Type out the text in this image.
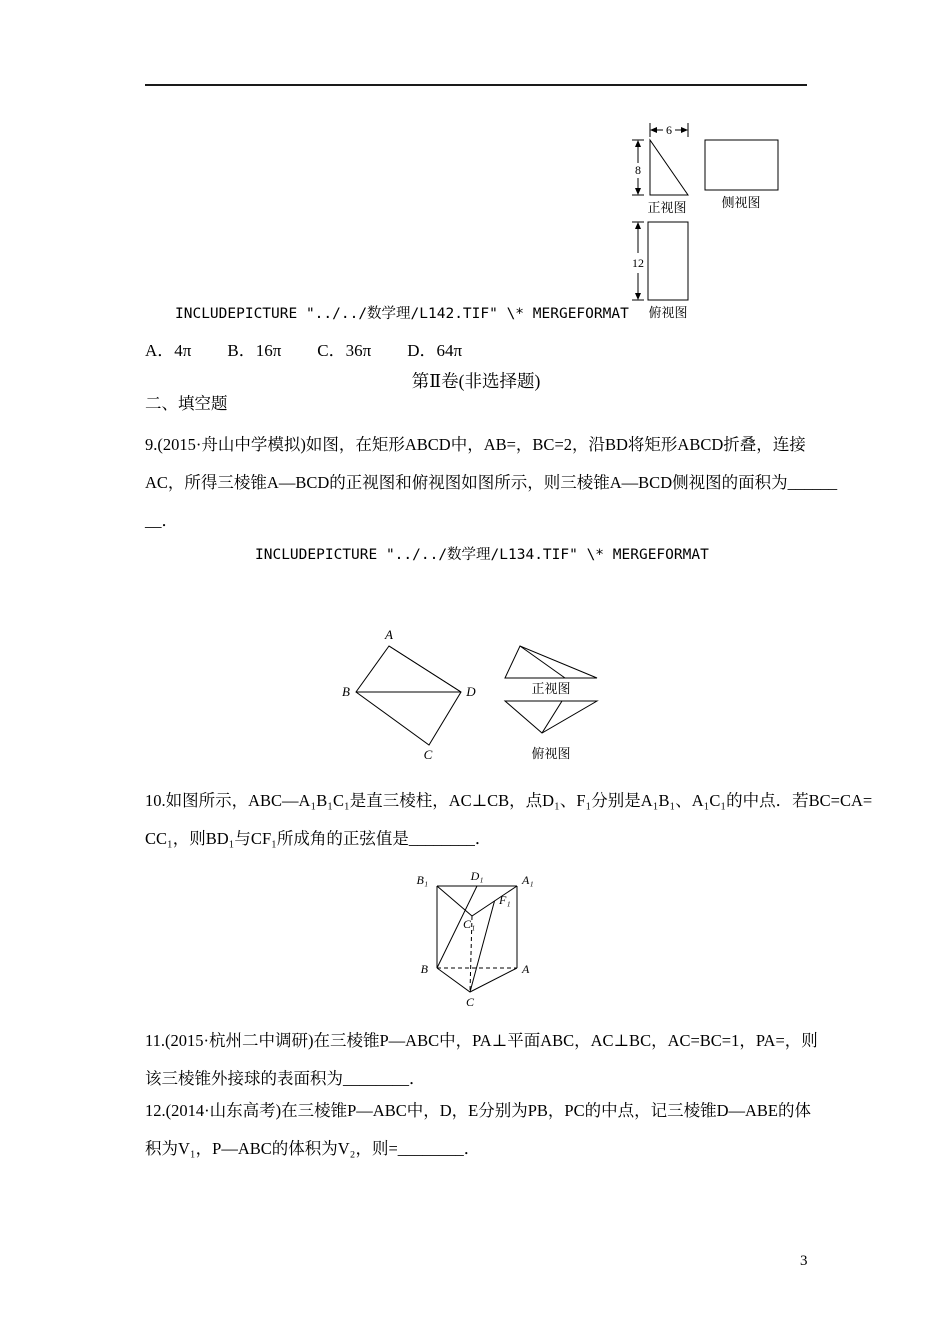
6
8
12
正视图	侧视图
俯视图
INCLUDEPICTURE "../../数学理/L142.TIF" \* MERGEFORMAT
A．4π B．16π C．36π D．64π
第Ⅱ卷(非选择题)
二、填空题
9.(2015·舟山中学模拟)如图，在矩形ABCD中，AB=，BC=2，沿BD将矩形ABCD折叠，连接
AC，所得三棱锥A—BCD的正视图和俯视图如图所示，则三棱锥A—BCD侧视图的面积为______
__．
INCLUDEPICTURE "../../数学理/L134.TIF" \* MERGEFORMAT
A
B
C
D	正视图
俯视图
10.如图所示，ABC—A₁B₁C₁是直三棱柱，AC⊥CB，点D₁、F₁分别是A₁B₁、A₁C₁的中点．若BC=CA=
CC₁，则BD₁与CF₁所成角的正弦值是________．
B₁	D₁	A₁
C₁
F₁
B	A
C
11.(2015·杭州二中调研)在三棱锥P—ABC中，PA⊥平面ABC，AC⊥BC，AC=BC=1，PA=，则
该三棱锥外接球的表面积为________．
12.(2014·山东高考)在三棱锥P—ABC中，D，E分别为PB，PC的中点，记三棱锥D—ABE的体
积为V₁，P—ABC的体积为V₂，则=________．
3
